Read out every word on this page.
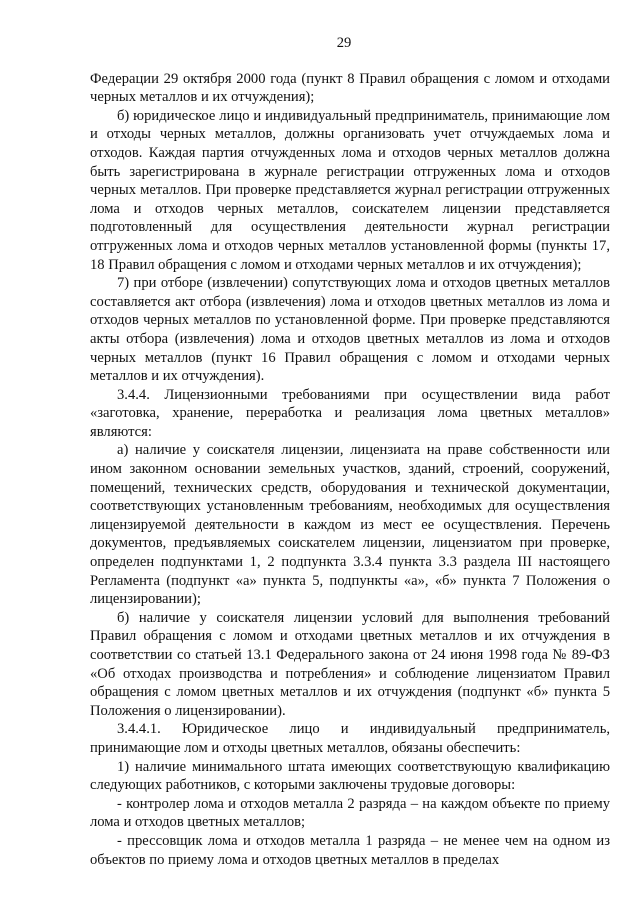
29

Федерации 29 октября 2000 года (пункт 8 Правил обращения с ломом и отходами черных металлов и их отчуждения);

б) юридическое лицо и индивидуальный предприниматель, принимающие лом и отходы черных металлов, должны организовать учет отчуждаемых лома и отходов. Каждая партия отчужденных лома и отходов черных металлов должна быть зарегистрирована в журнале регистрации отгруженных лома и отходов черных металлов. При проверке представляется журнал регистрации отгруженных лома и отходов черных металлов, соискателем лицензии представляется подготовленный для осуществления деятельности журнал регистрации отгруженных лома и отходов черных металлов установленной формы (пункты 17, 18 Правил обращения с ломом и отходами черных металлов и их отчуждения);

7) при отборе (извлечении) сопутствующих лома и отходов цветных металлов составляется акт отбора (извлечения) лома и отходов цветных металлов из лома и отходов черных металлов по установленной форме. При проверке представляются акты отбора (извлечения) лома и отходов цветных металлов из лома и отходов черных металлов (пункт 16 Правил обращения с ломом и отходами черных металлов и их отчуждения).

3.4.4. Лицензионными требованиями при осуществлении вида работ «заготовка, хранение, переработка и реализация лома цветных металлов» являются:

а) наличие у соискателя лицензии, лицензиата на праве собственности или ином законном основании земельных участков, зданий, строений, сооружений, помещений, технических средств, оборудования и технической документации, соответствующих установленным требованиям, необходимых для осуществления лицензируемой деятельности в каждом из мест ее осуществления. Перечень документов, предъявляемых соискателем лицензии, лицензиатом при проверке, определен подпунктами 1, 2 подпункта 3.3.4 пункта 3.3 раздела III настоящего Регламента (подпункт «а» пункта 5, подпункты «а», «б» пункта 7 Положения о лицензировании);

б) наличие у соискателя лицензии условий для выполнения требований Правил обращения с ломом и отходами цветных металлов и их отчуждения в соответствии со статьей 13.1 Федерального закона от 24 июня 1998 года № 89-ФЗ «Об отходах производства и потребления» и соблюдение лицензиатом Правил обращения с ломом цветных металлов и их отчуждения (подпункт «б» пункта 5 Положения о лицензировании).

3.4.4.1. Юридическое лицо и индивидуальный предприниматель, принимающие лом и отходы цветных металлов, обязаны обеспечить:

1) наличие минимального штата имеющих соответствующую квалификацию следующих работников, с которыми заключены трудовые договоры:

- контролер лома и отходов металла 2 разряда – на каждом объекте по приему лома и отходов цветных металлов;

- прессовщик лома и отходов металла 1 разряда – не менее чем на одном из объектов по приему лома и отходов цветных металлов в пределах
